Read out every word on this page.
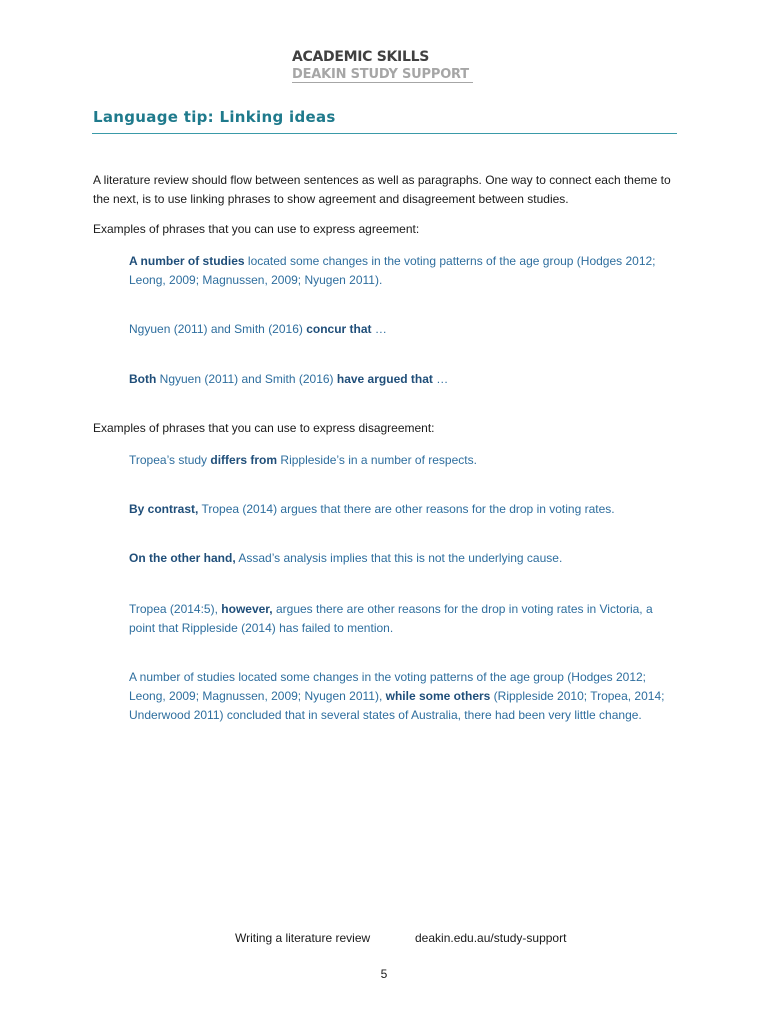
ACADEMIC SKILLS
DEAKIN STUDY SUPPORT
Language tip: Linking ideas

A literature review should flow between sentences as well as paragraphs. One way to connect each theme to the next, is to use linking phrases to show agreement and disagreement between studies.

Examples of phrases that you can use to express agreement:

A number of studies located some changes in the voting patterns of the age group (Hodges 2012; Leong, 2009; Magnussen, 2009; Nyugen 2011).

Ngyuen (2011) and Smith (2016) concur that …

Both Ngyuen (2011) and Smith (2016) have argued that …

Examples of phrases that you can use to express disagreement:

Tropea’s study differs from Rippleside’s in a number of respects.

By contrast, Tropea (2014) argues that there are other reasons for the drop in voting rates.

On the other hand, Assad’s analysis implies that this is not the underlying cause.

Tropea (2014:5), however, argues there are other reasons for the drop in voting rates in Victoria, a point that Rippleside (2014) has failed to mention.

A number of studies located some changes in the voting patterns of the age group (Hodges 2012; Leong, 2009; Magnussen, 2009; Nyugen 2011), while some others (Rippleside 2010; Tropea, 2014; Underwood 2011) concluded that in several states of Australia, there had been very little change.

Writing a literature review	deakin.edu.au/study-support
5
